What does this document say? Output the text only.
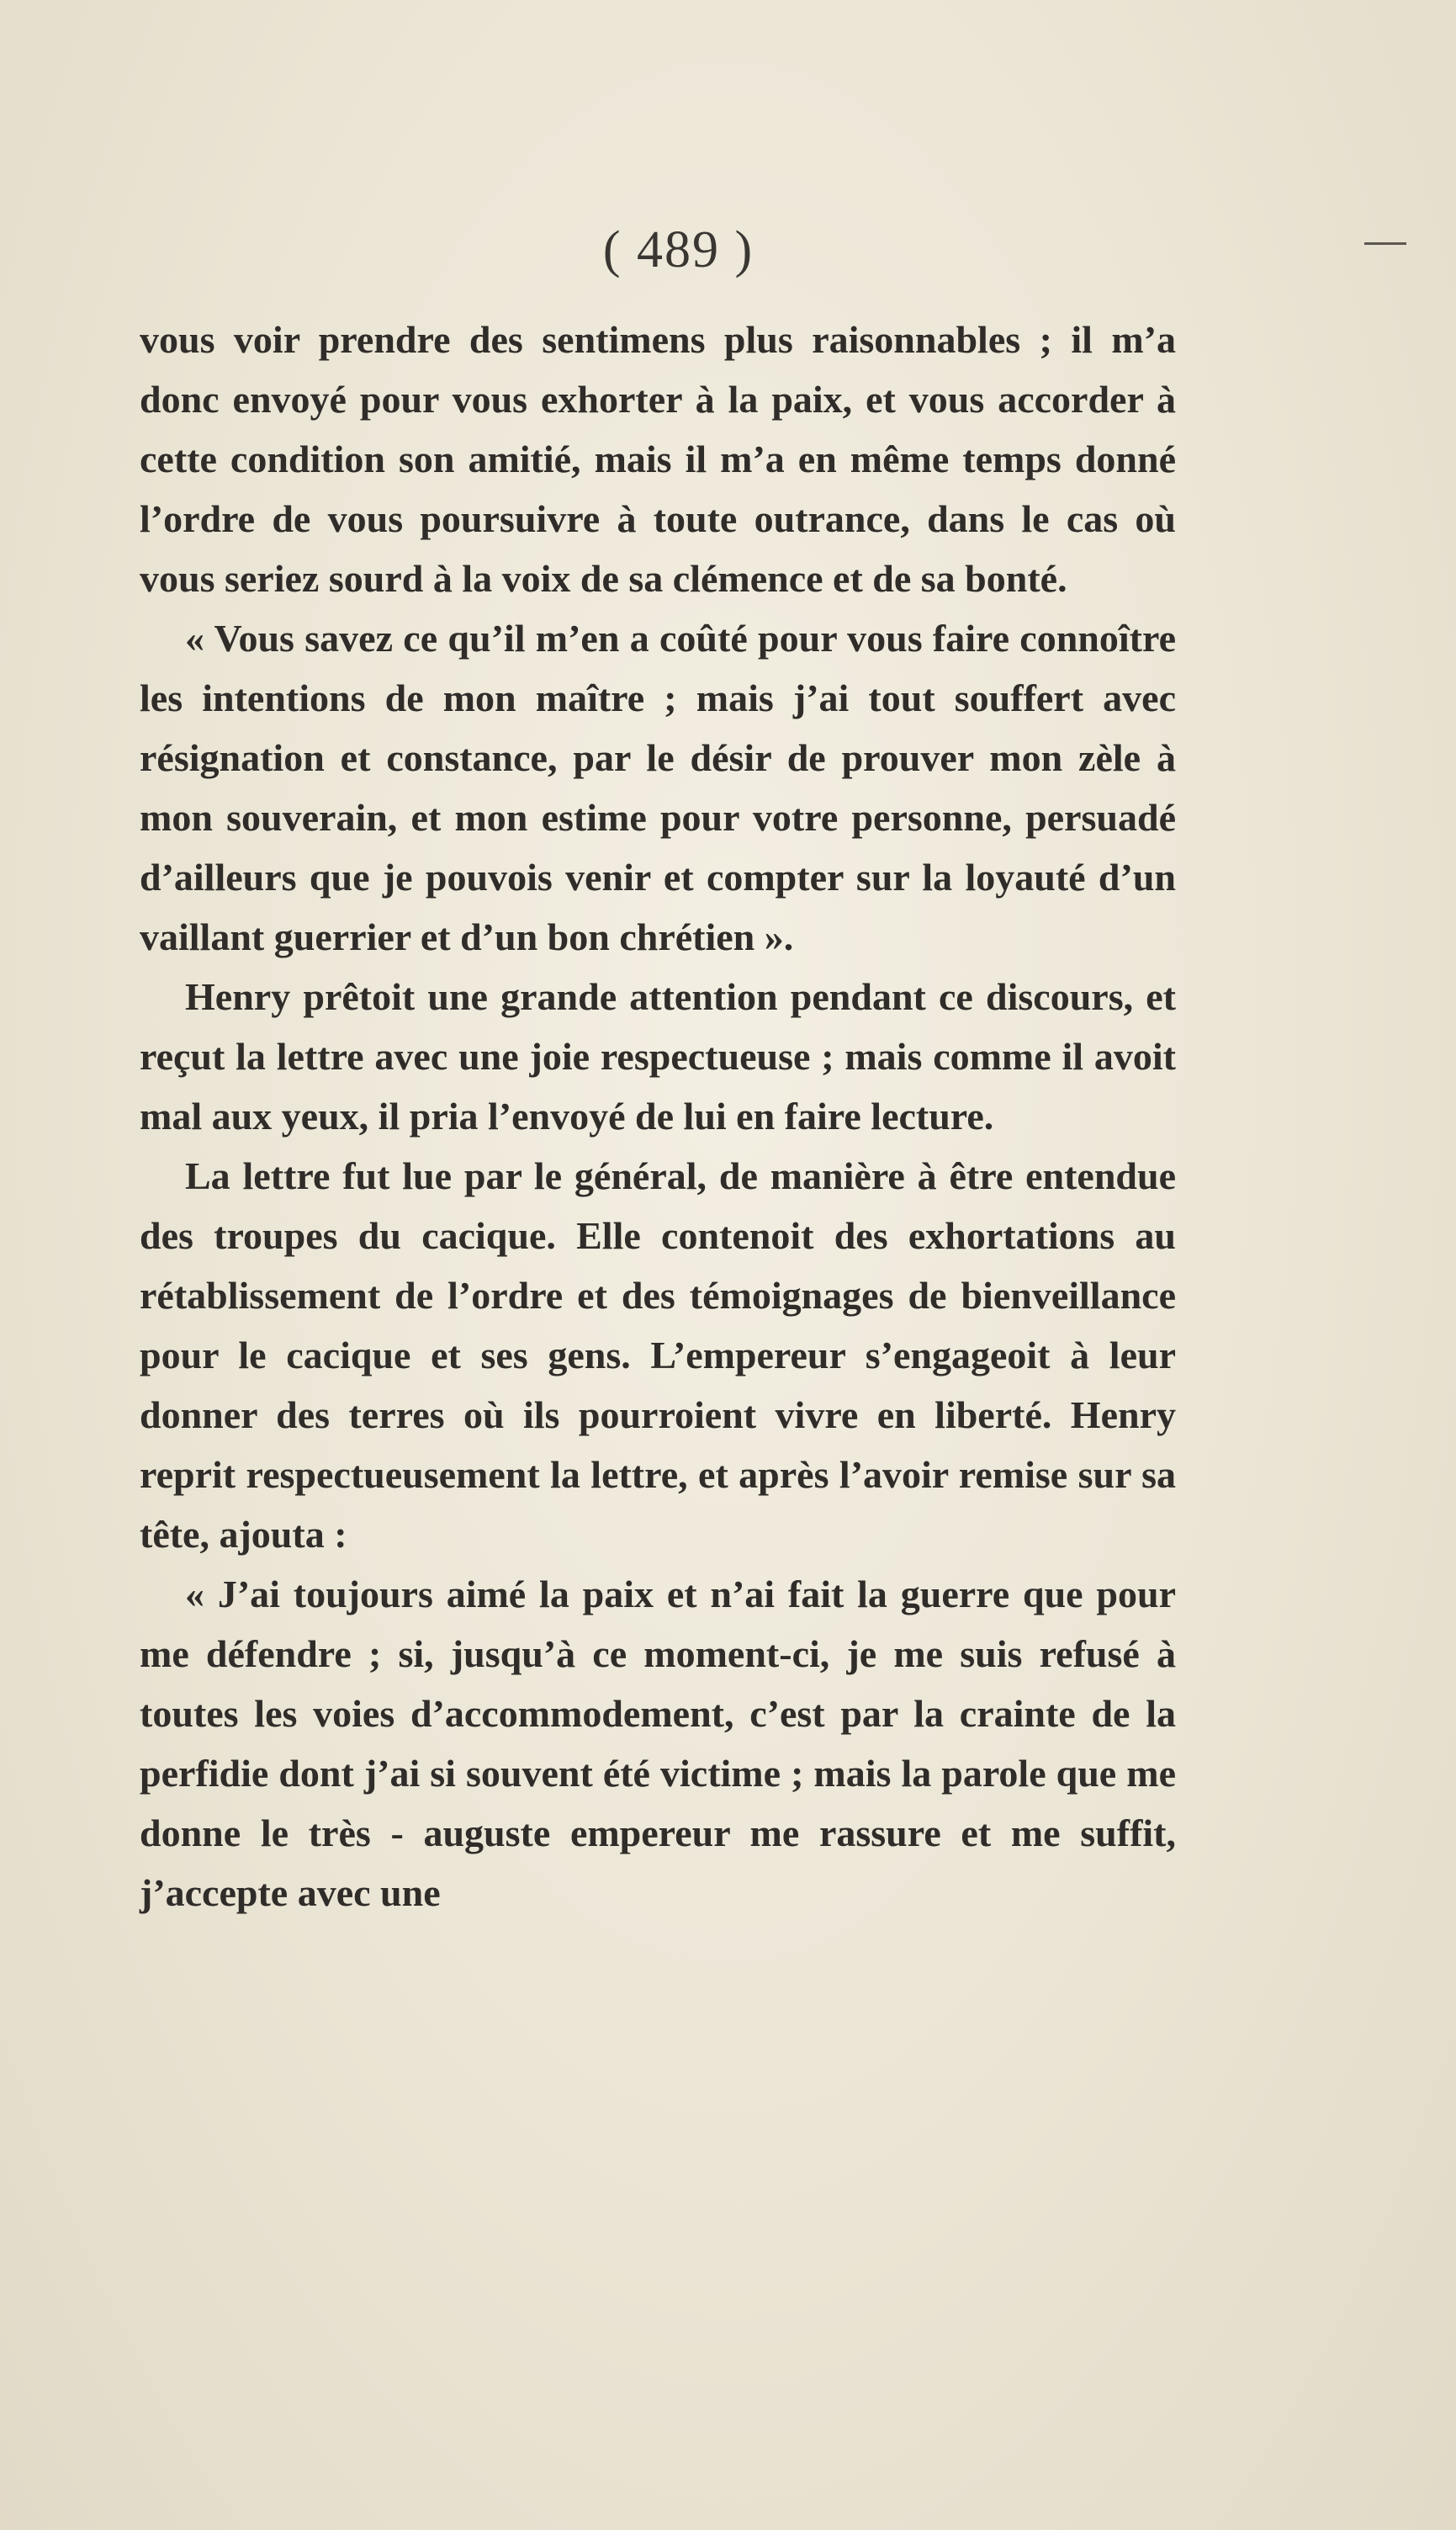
( 489 )

vous voir prendre des sentimens plus raisonnables ; il m’a donc envoyé pour vous exhorter à la paix, et vous accorder à cette condition son amitié, mais il m’a en même temps donné l’ordre de vous poursuivre à toute outrance, dans le cas où vous seriez sourd à la voix de sa clémence et de sa bonté.

« Vous savez ce qu’il m’en a coûté pour vous faire connoître les intentions de mon maître ; mais j’ai tout souffert avec résignation et constance, par le désir de prouver mon zèle à mon souverain, et mon estime pour votre personne, persuadé d’ailleurs que je pouvois venir et compter sur la loyauté d’un vaillant guerrier et d’un bon chrétien ».

Henry prêtoit une grande attention pendant ce discours, et reçut la lettre avec une joie respectueuse ; mais comme il avoit mal aux yeux, il pria l’envoyé de lui en faire lecture.

La lettre fut lue par le général, de manière à être entendue des troupes du cacique. Elle contenoit des exhortations au rétablissement de l’ordre et des témoignages de bienveillance pour le cacique et ses gens. L’empereur s’engageoit à leur donner des terres où ils pourroient vivre en liberté. Henry reprit respectueusement la lettre, et après l’avoir remise sur sa tête, ajouta :

« J’ai toujours aimé la paix et n’ai fait la guerre que pour me défendre ; si, jusqu’à ce moment-ci, je me suis refusé à toutes les voies d’accommodement, c’est par la crainte de la perfidie dont j’ai si souvent été victime ; mais la parole que me donne le très - auguste empereur me rassure et me suffit, j’accepte avec une
